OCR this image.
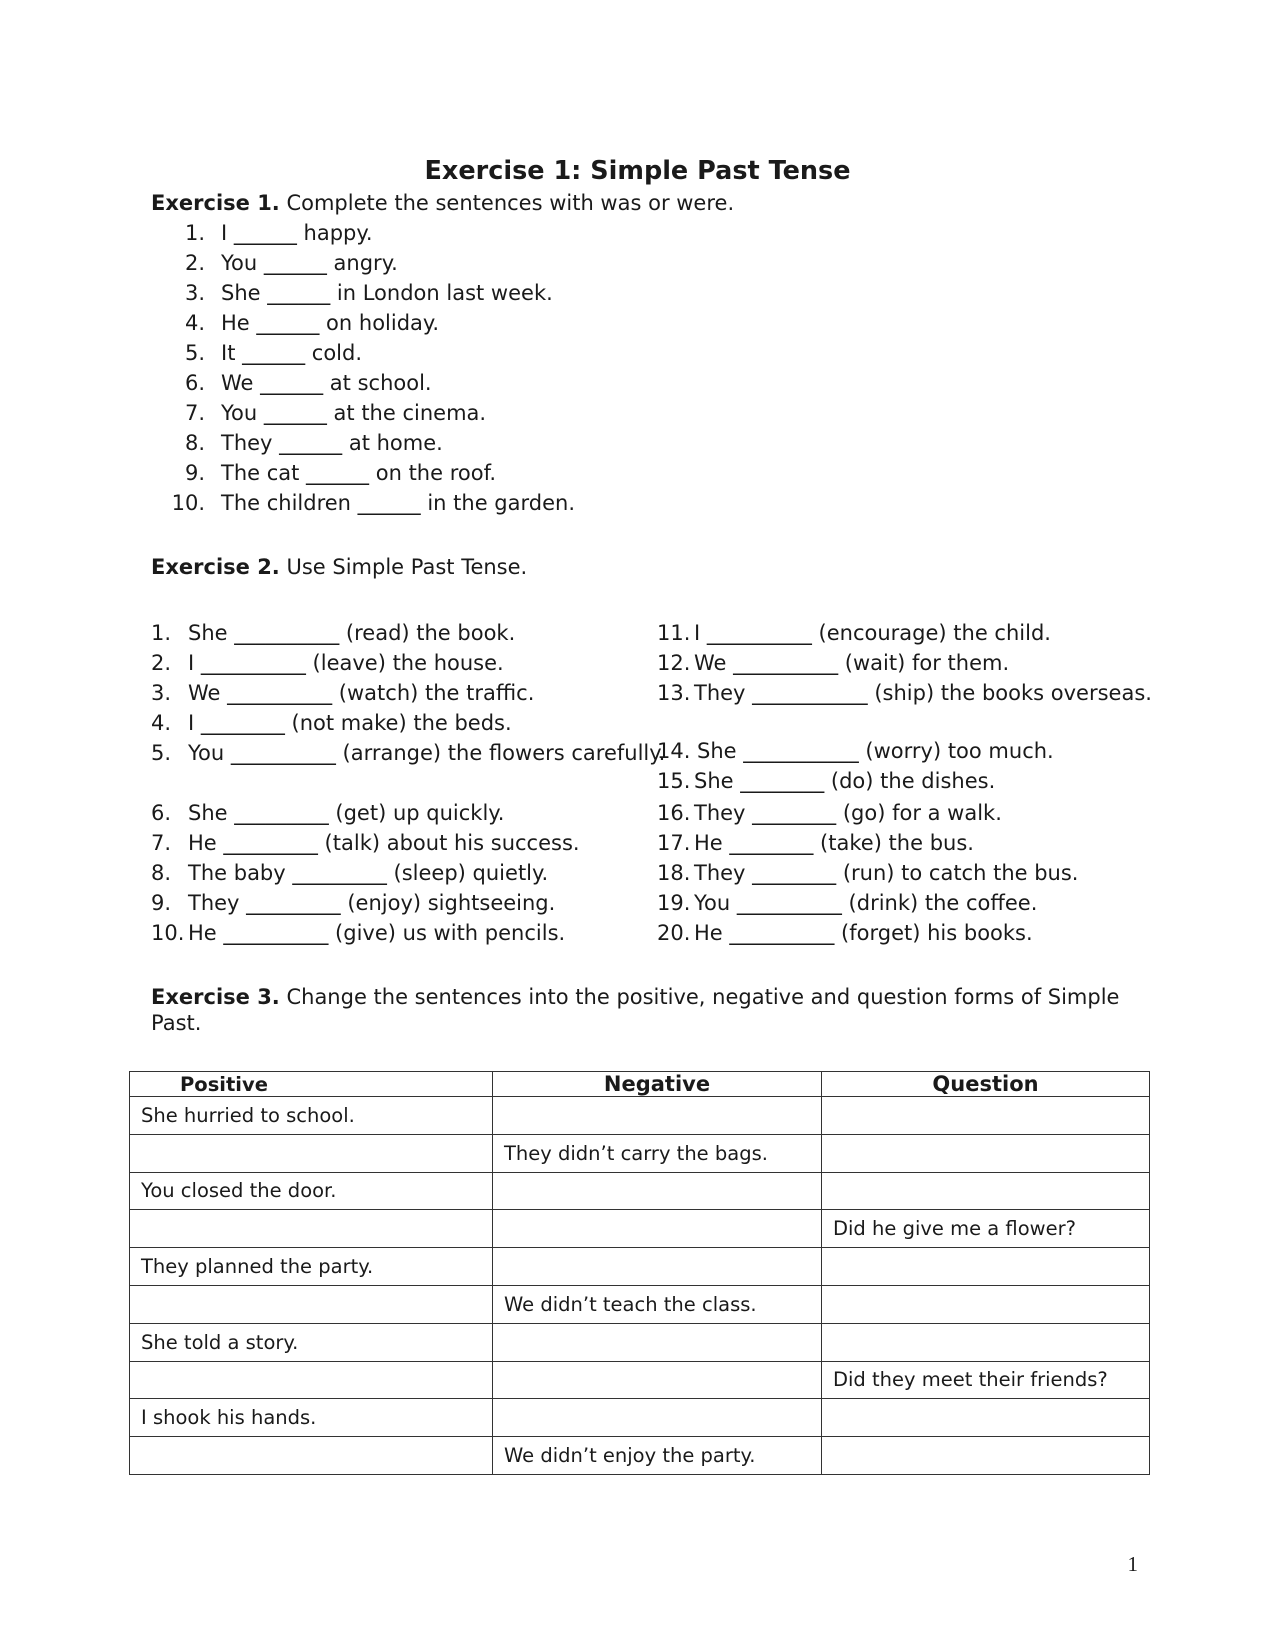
Exercise 1: Simple Past Tense

Exercise 1. Complete the sentences with was or were.

1. I ______ happy.
2. You ______ angry.
3. She ______ in London last week.
4. He ______ on holiday.
5. It ______ cold.
6. We ______ at school.
7. You ______ at the cinema.
8. They ______ at home.
9. The cat ______ on the roof.
10. The children ______ in the garden.

Exercise 2. Use Simple Past Tense.

1. She __________ (read) the book.
2. I __________ (leave) the house.
3. We __________ (watch) the traffic.
4. I ________ (not make) the beds.
5. You __________ (arrange) the flowers carefully.
6. She _________ (get) up quickly.
7. He _________ (talk) about his success.
8. The baby _________ (sleep) quietly.
9. They _________ (enjoy) sightseeing.
10. He __________ (give) us with pencils.
11. I __________ (encourage) the child.
12. We __________ (wait) for them.
13. They ___________ (ship) the books overseas.
14. She ___________ (worry) too much.
15. She ________ (do) the dishes.
16. They ________ (go) for a walk.
17. He ________ (take) the bus.
18. They ________ (run) to catch the bus.
19. You __________ (drink) the coffee.
20. He __________ (forget) his books.

Exercise 3. Change the sentences into the positive, negative and question forms of Simple Past.

Positive	Negative	Question
She hurried to school.		
	They didn’t carry the bags.	
You closed the door.		
		Did he give me a flower?
They planned the party.		
	We didn’t teach the class.	
She told a story.		
		Did they meet their friends?
I shook his hands.		
	We didn’t enjoy the party.	
1
